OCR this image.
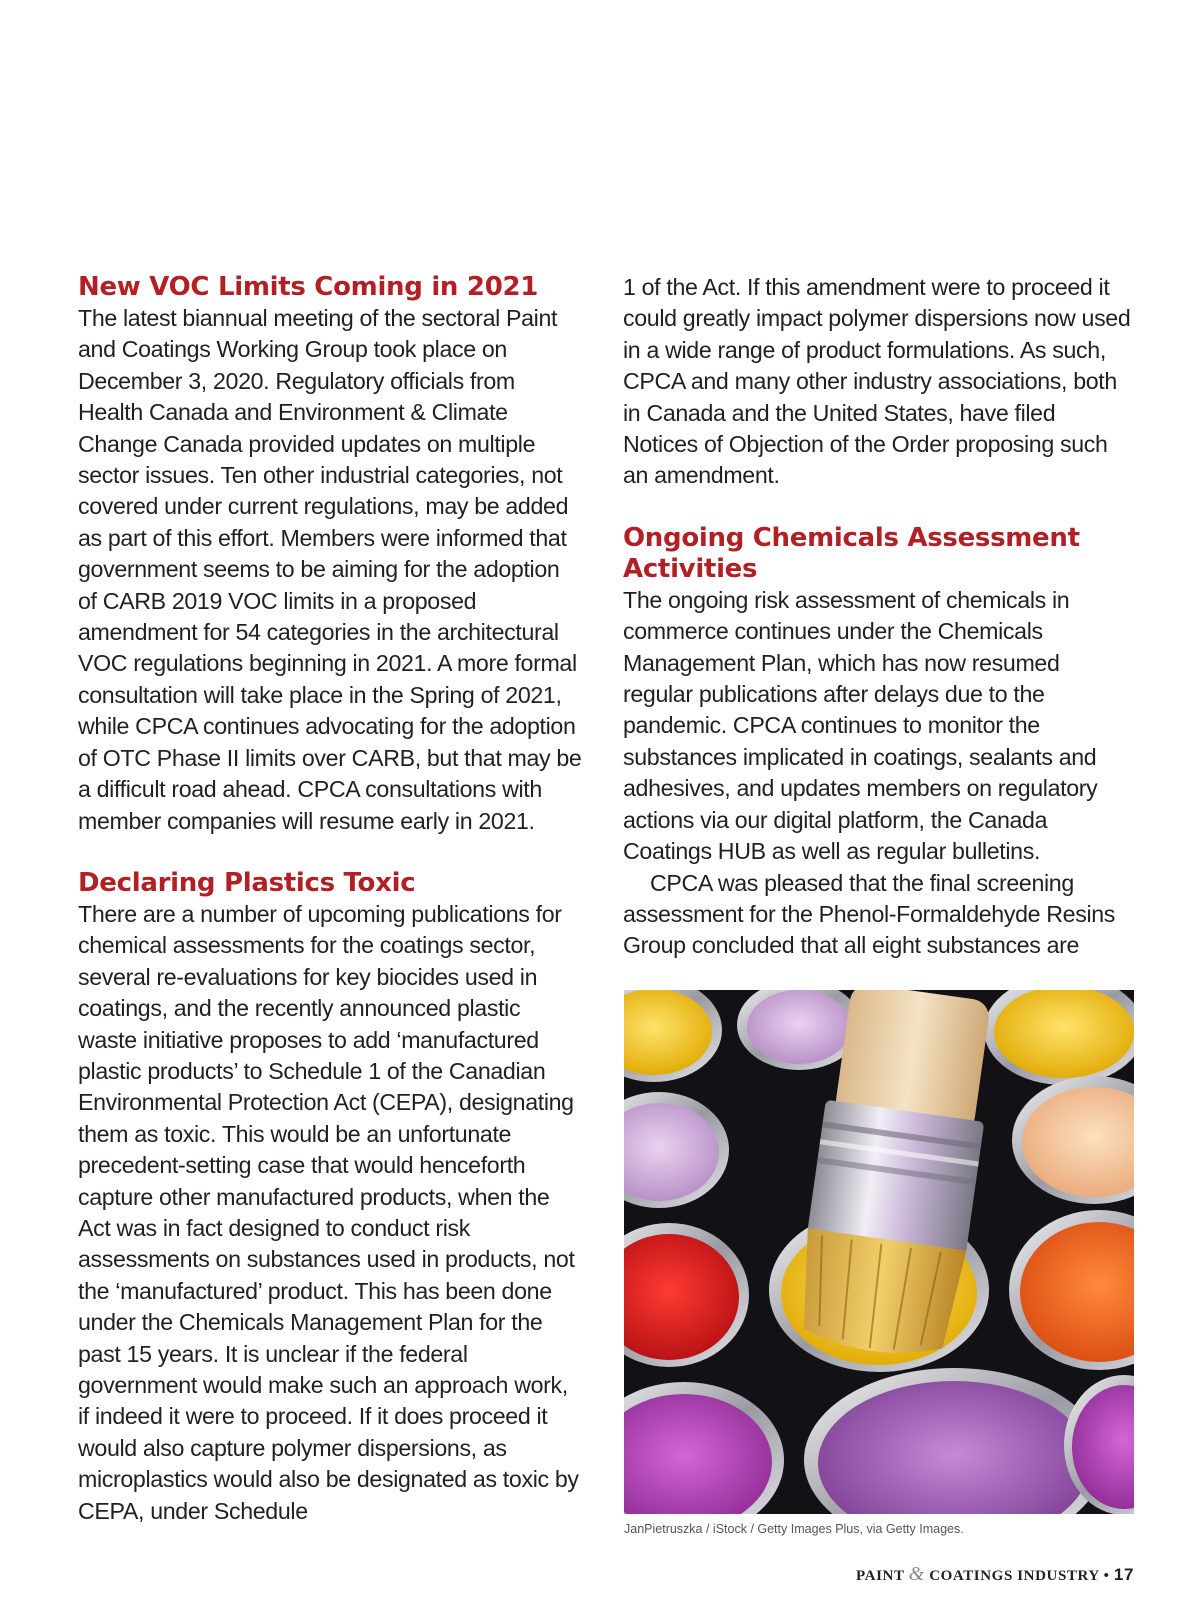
New VOC Limits Coming in 2021

The latest biannual meeting of the sectoral Paint and Coatings Working Group took place on December 3, 2020. Regulatory officials from Health Canada and Environment & Climate Change Canada provided updates on multiple sector issues. Ten other industrial categories, not covered under current regulations, may be added as part of this effort. Members were informed that government seems to be aiming for the adoption of CARB 2019 VOC limits in a proposed amendment for 54 categories in the architectural VOC regulations beginning in 2021. A more formal consultation will take place in the Spring of 2021, while CPCA continues advocating for the adoption of OTC Phase II limits over CARB, but that may be a difficult road ahead. CPCA consultations with member companies will resume early in 2021.

Declaring Plastics Toxic

There are a number of upcoming publications for chemical assessments for the coatings sector, several re-evaluations for key biocides used in coatings, and the recently announced plastic waste initiative proposes to add ‘manufactured plastic products’ to Schedule 1 of the Canadian Environmental Protection Act (CEPA), designating them as toxic. This would be an unfortunate precedent-setting case that would henceforth capture other manufactured products, when the Act was in fact designed to conduct risk assessments on substances used in products, not the ‘manufactured’ product. This has been done under the Chemicals Management Plan for the past 15 years. It is unclear if the federal government would make such an approach work, if indeed it were to proceed. If it does proceed it would also capture polymer dispersions, as microplastics would also be designated as toxic by CEPA, under Schedule

1 of the Act. If this amendment were to proceed it could greatly impact polymer dispersions now used in a wide range of product formulations. As such, CPCA and many other industry associations, both in Canada and the United States, have filed Notices of Objection of the Order proposing such an amendment.

Ongoing Chemicals Assessment Activities

The ongoing risk assessment of chemicals in commerce continues under the Chemicals Management Plan, which has now resumed regular publications after delays due to the pandemic. CPCA continues to monitor the substances implicated in coatings, sealants and adhesives, and updates members on regulatory actions via our digital platform, the Canada Coatings HUB as well as regular bulletins.

CPCA was pleased that the final screening assessment for the Phenol-Formaldehyde Resins Group concluded that all eight substances are

JanPietruszka / iStock / Getty Images Plus, via Getty Images.
PAINT & COATINGS INDUSTRY • 17
